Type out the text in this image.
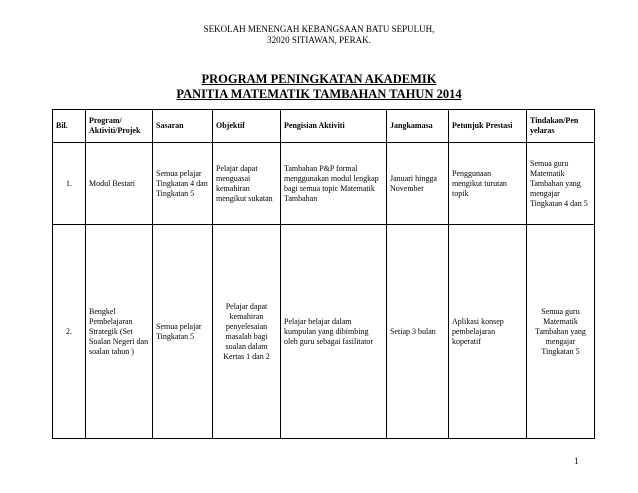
SEKOLAH MENENGAH KEBANGSAAN BATU SEPULUH,
32020 SITIAWAN, PERAK.
PROGRAM PENINGKATAN AKADEMIK
PANITIA MATEMATIK TAMBAHAN TAHUN 2014
Bil.	Program/ Aktiviti/Projek	Sasaran	Objektif	Pengisian Aktiviti	Jangkamasa	Petunjuk Prestasi	Tindakan/Pen yelaras
1.	Modul Bestari	Semua pelajar Tingkatan 4 dan Tingkatan 5	Pelajar dapat menguasai kemahiran mengikut sukatan	Tambahan P&P formal menggunakan modul lengkap bagi semua topic Matematik Tambahan	Januari hingga November	Penggunaan mengikut turutan topik	Semua guru Matematik Tambahan yang mengajar Tingkatan 4 dan 5
2.	Bengkel Pembelajaran Strategik (Set Soalan Negeri dan soalan tahun )	Semua pelajar Tingkatan 5	Pelajar dapat kemahiran penyelesaian masalah bagi soalan dalam Kertas 1 dan 2	Pelajar belajar dalam kumpulan yang dibimbing oleh guru sebagai fasilitator	Setiap 3 bulan	Aplikasi konsep pembelajaran koperatif	Semua guru Matematik Tambahan yang mengajar Tingkatan 5
1
